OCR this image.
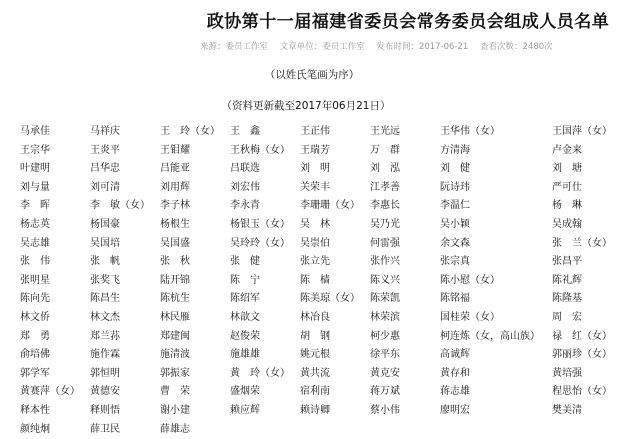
政协第十一届福建省委员会常务委员会组成人员名单
来源：委员工作室 文章单位：委员工作室 发布时间：2017-06-21 查看次数：2480次
（以姓氏笔画为序）
（资料更新截至2017年06月21日）
马承佳	马祥庆	王　玲（女）	王　鑫	王正伟	王光远	王华伟（女）	王国萍（女）
王宗华	王炎平	王钼耀	王秋梅（女）	王瑞芳	万　群	方清海	卢金来
叶建明	吕华忠	吕能亚	吕联选	刘　明	刘　泓	刘　健	刘　塘
刘与量	刘可清	刘用辉	刘宏伟	关荣丰	江孝善	阮诗玮	严可仕
李　晖	李　敏（女）	李子林	李永青	李珊珊（女）	李惠长	李温仁	杨　琳
杨志英	杨国豪	杨根生	杨银玉（女）	吴　林	吴乃光	吴小颖	吴成翰
吴志雄	吴国培	吴国盛	吴玲玲（女）	吴崇伯	何雷强	余文森	张　兰（女）
张　伟	张　帆	张　秋	张　健	张立先	张作兴	张宗真	张昌平
张明星	张奖飞	陆开锦	陈　宁	陈　樯	陈义兴	陈小慰（女）	陈礼辉
陈向先	陈昌生	陈杭生	陈绍军	陈美琼（女）	陈荣凯	陈铭福	陈隆基
林文侨	林文杰	林民雁	林歆文	林冶良	林荣滨	国桂荣（女）	周　宏
郑　勇	郑兰荪	郑建闽	赵俊荣	胡　钢	柯少惠	柯连炼（女，高山族）	禄　红（女）
俞培佛	施作霖	施清波	施雄雄	姚元根	徐平东	高诚辉	郭丽珍（女）
郭学军	郭恒明	郭振家	黄　玲（女）	黄共流	黄克安	黄存和	黄培强
黄赛萍（女）	黄德安	曹　荣	盛烟荣	宿利南	蒋万斌	蒋志雄	程思怡（女）
释本性	释则悟	谢小建	赖应辉	赖诗卿	蔡小伟	廖明宏	樊美清
颜纯炯	薛卫民	薛雄志
